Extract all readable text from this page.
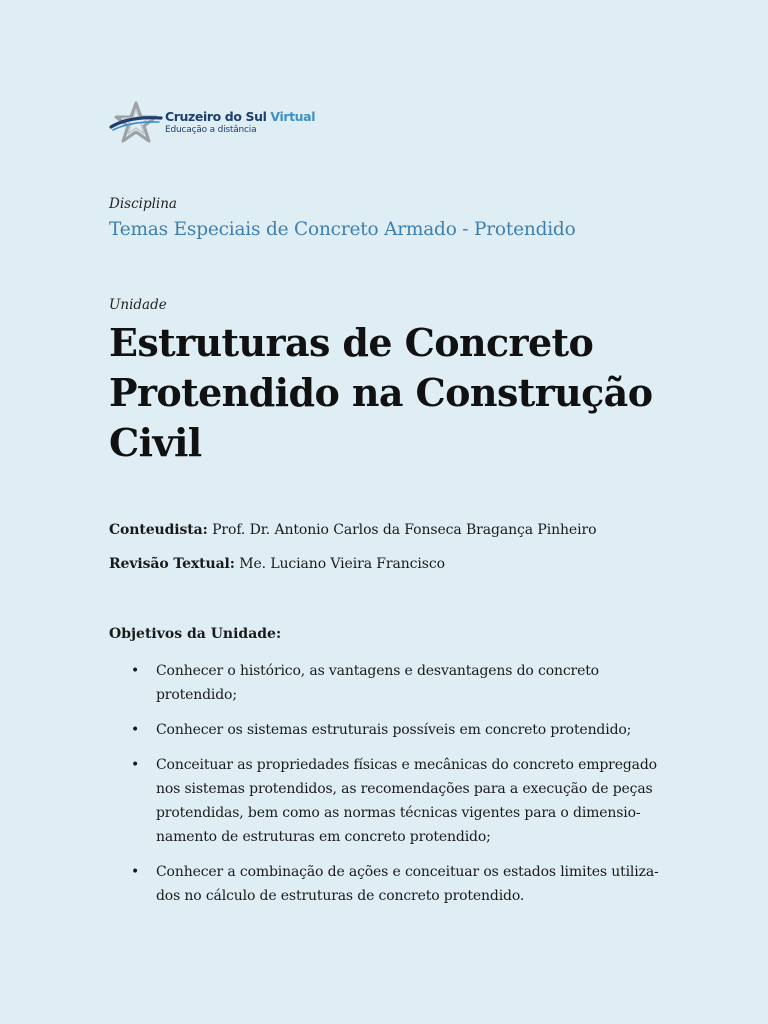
Cruzeiro do Sul Virtual
Educação a distância
Disciplina
Temas Especiais de Concreto Armado - Protendido
Unidade
Estruturas de Concreto
Protendido na Construção
Civil
Conteudista: Prof. Dr. Antonio Carlos da Fonseca Bragança Pinheiro
Revisão Textual: Me. Luciano Vieira Francisco
Objetivos da Unidade:
• Conhecer o histórico, as vantagens e desvantagens do concreto protendido;
• Conhecer os sistemas estruturais possíveis em concreto protendido;
• Conceituar as propriedades físicas e mecânicas do concreto empregado
nos sistemas protendidos, as recomendações para a execução de peças
protendidas, bem como as normas técnicas vigentes para o dimensio-
namento de estruturas em concreto protendido;
• Conhecer a combinação de ações e conceituar os estados limites utiliza-
dos no cálculo de estruturas de concreto protendido.
